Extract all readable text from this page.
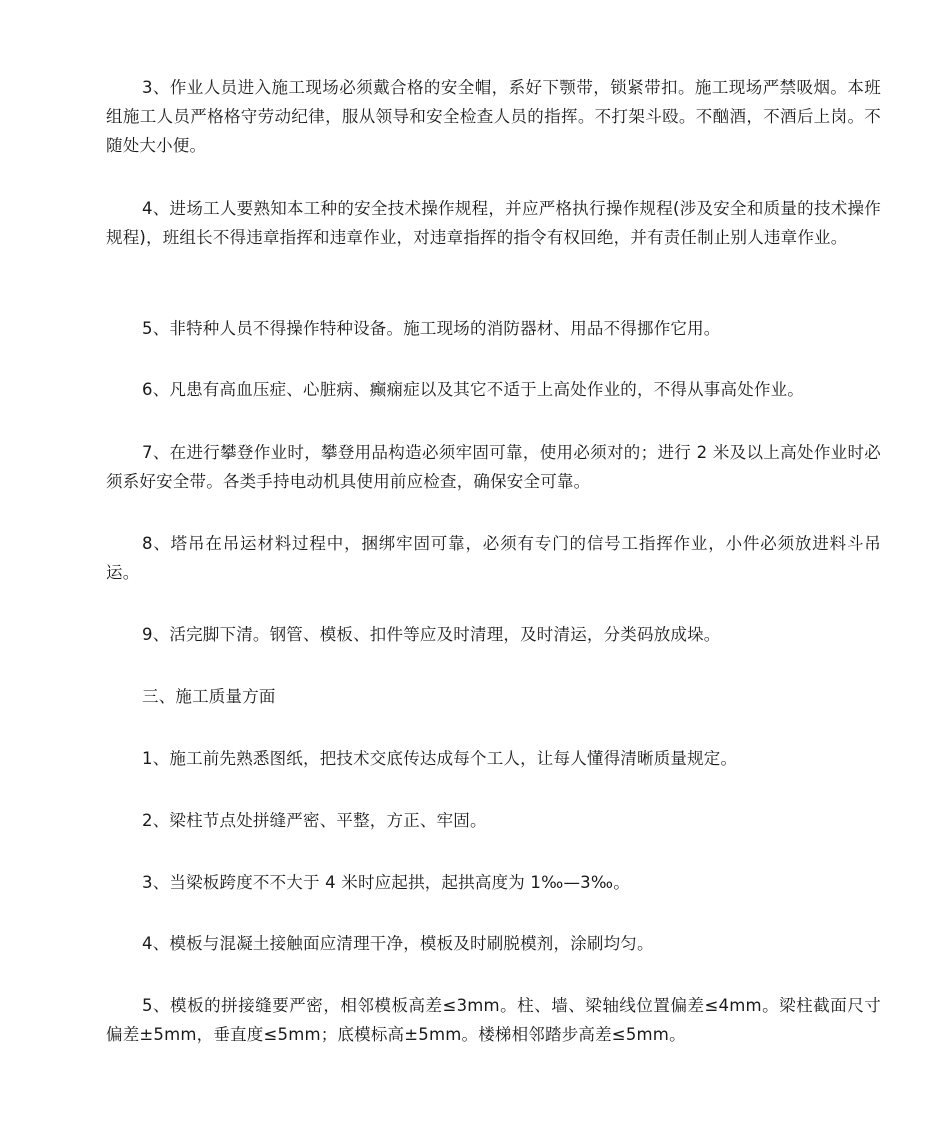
3、作业人员进入施工现场必须戴合格的安全帽，系好下颚带，锁紧带扣。施工现场严禁吸烟。本班组施工人员严格格守劳动纪律，服从领导和安全检查人员的指挥。不打架斗殴。不酗酒，不酒后上岗。不随处大小便。

4、进场工人要熟知本工种的安全技术操作规程，并应严格执行操作规程(涉及安全和质量的技术操作规程)，班组长不得违章指挥和违章作业，对违章指挥的指令有权回绝，并有责任制止别人违章作业。

5、非特种人员不得操作特种设备。施工现场的消防器材、用品不得挪作它用。

6、凡患有高血压症、心脏病、癫痫症以及其它不适于上高处作业的，不得从事高处作业。

7、在进行攀登作业时，攀登用品构造必须牢固可靠，使用必须对的；进行 2 米及以上高处作业时必须系好安全带。各类手持电动机具使用前应检查，确保安全可靠。

8、塔吊在吊运材料过程中，捆绑牢固可靠，必须有专门的信号工指挥作业，小件必须放进料斗吊运。

9、活完脚下清。钢管、模板、扣件等应及时清理，及时清运，分类码放成垛。

三、施工质量方面

1、施工前先熟悉图纸，把技术交底传达成每个工人，让每人懂得清晰质量规定。

2、梁柱节点处拼缝严密、平整，方正、牢固。

3、当梁板跨度不不大于 4 米时应起拱，起拱高度为 1‰—3‰。

4、模板与混凝土接触面应清理干净，模板及时刷脱模剂，涂刷均匀。

5、模板的拼接缝要严密，相邻模板高差≤3mm。柱、墙、梁轴线位置偏差≤4mm。梁柱截面尺寸偏差±5mm，垂直度≤5mm；底模标高±5mm。楼梯相邻踏步高差≤5mm。
